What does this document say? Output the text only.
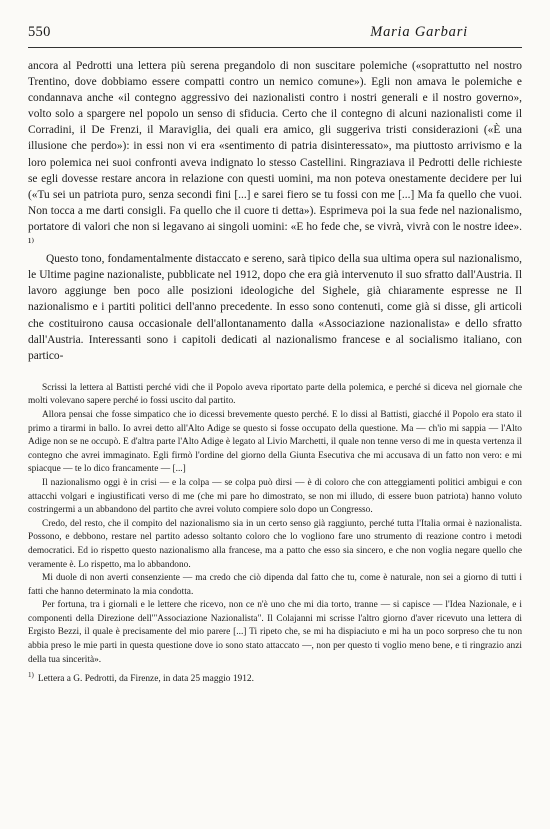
550	Maria Garbari

ancora al Pedrotti una lettera più serena pregandolo di non suscitare polemiche («soprattutto nel nostro Trentino, dove dobbiamo essere compatti contro un nemico comune»). Egli non amava le polemiche e condannava anche «il contegno aggressivo dei nazionalisti contro i nostri generali e il nostro governo», volto solo a spargere nel popolo un senso di sfiducia. Certo che il contegno di alcuni nazionalisti come il Corradini, il De Frenzi, il Maraviglia, dei quali era amico, gli suggeriva tristi considerazioni («È una illusione che perdo»): in essi non vi era «sentimento di patria disinteressato», ma piuttosto arrivismo e la loro polemica nei suoi confronti aveva indignato lo stesso Castellini. Ringraziava il Pedrotti delle richieste se egli dovesse restare ancora in relazione con questi uomini, ma non poteva onestamente decidere per lui («Tu sei un patriota puro, senza secondi fini [...] e sarei fiero se tu fossi con me [...] Ma fa quello che vuoi. Non tocca a me darti consigli. Fa quello che il cuore ti detta»). Esprimeva poi la sua fede nel nazionalismo, portatore di valori che non si legavano ai singoli uomini: «E ho fede che, se vivrà, vivrà con le nostre idee». ¹⁾

Questo tono, fondamentalmente distaccato e sereno, sarà tipico della sua ultima opera sul nazionalismo, le Ultime pagine nazionaliste, pubblicate nel 1912, dopo che era già intervenuto il suo sfratto dall'Austria. Il lavoro aggiunge ben poco alle posizioni ideologiche del Sighele, già chiaramente espresse ne Il nazionalismo e i partiti politici dell'anno precedente. In esso sono contenuti, come già si disse, gli articoli che costituirono causa occasionale dell'allontanamento dalla «Associazione nazionalista» e dello sfratto dall'Austria. Interessanti sono i capitoli dedicati al nazionalismo francese e al socialismo italiano, con partico-

Scrissi la lettera al Battisti perché vidi che il Popolo aveva riportato parte della polemica, e perché si diceva nel giornale che molti volevano sapere perché io fossi uscito dal partito.

Allora pensai che fosse simpatico che io dicessi brevemente questo perché. E lo dissi al Battisti, giacché il Popolo era stato il primo a tirarmi in ballo. Io avrei detto all'Alto Adige se questo si fosse occupato della questione. Ma — ch'io mi sappia — l'Alto Adige non se ne occupò. E d'altra parte l'Alto Adige è legato al Livio Marchetti, il quale non tenne verso di me in questa vertenza il contegno che avrei immaginato. Egli firmò l'ordine del giorno della Giunta Esecutiva che mi accusava di un fatto non vero: e mi spiacque — te lo dico francamente — [...]

Il nazionalismo oggi è in crisi — e la colpa — se colpa può dirsi — è di coloro che con atteggiamenti politici ambigui e con attacchi volgari e ingiustificati verso di me (che mi pare ho dimostrato, se non mi illudo, di essere buon patriota) hanno voluto costringermi a un abbandono del partito che avrei voluto compiere solo dopo un Congresso.

Credo, del resto, che il compito del nazionalismo sia in un certo senso già raggiunto, perché tutta l'Italia ormai è nazionalista. Possono, e debbono, restare nel partito adesso soltanto coloro che lo vogliono fare uno strumento di reazione contro i metodi democratici. Ed io rispetto questo nazionalismo alla francese, ma a patto che esso sia sincero, e che non voglia negare quello che veramente è. Lo rispetto, ma lo abbandono.

Mi duole di non averti consenziente — ma credo che ciò dipenda dal fatto che tu, come è naturale, non sei a giorno di tutti i fatti che hanno determinato la mia condotta.

Per fortuna, tra i giornali e le lettere che ricevo, non ce n'è uno che mi dia torto, tranne — si capisce — l'Idea Nazionale, e i componenti della Direzione dell'"Associazione Nazionalista". Il Colajanni mi scrisse l'altro giorno d'aver ricevuto una lettera di Ergisto Bezzi, il quale è precisamente del mio parere [...] Ti ripeto che, se mi ha dispiaciuto e mi ha un poco sorpreso che tu non abbia preso le mie parti in questa questione dove io sono stato attaccato —, non per questo ti voglio meno bene, e ti ringrazio anzi della tua sincerità».

$^{1)}$ Lettera a G. Pedrotti, da Firenze, in data 25 maggio 1912.
